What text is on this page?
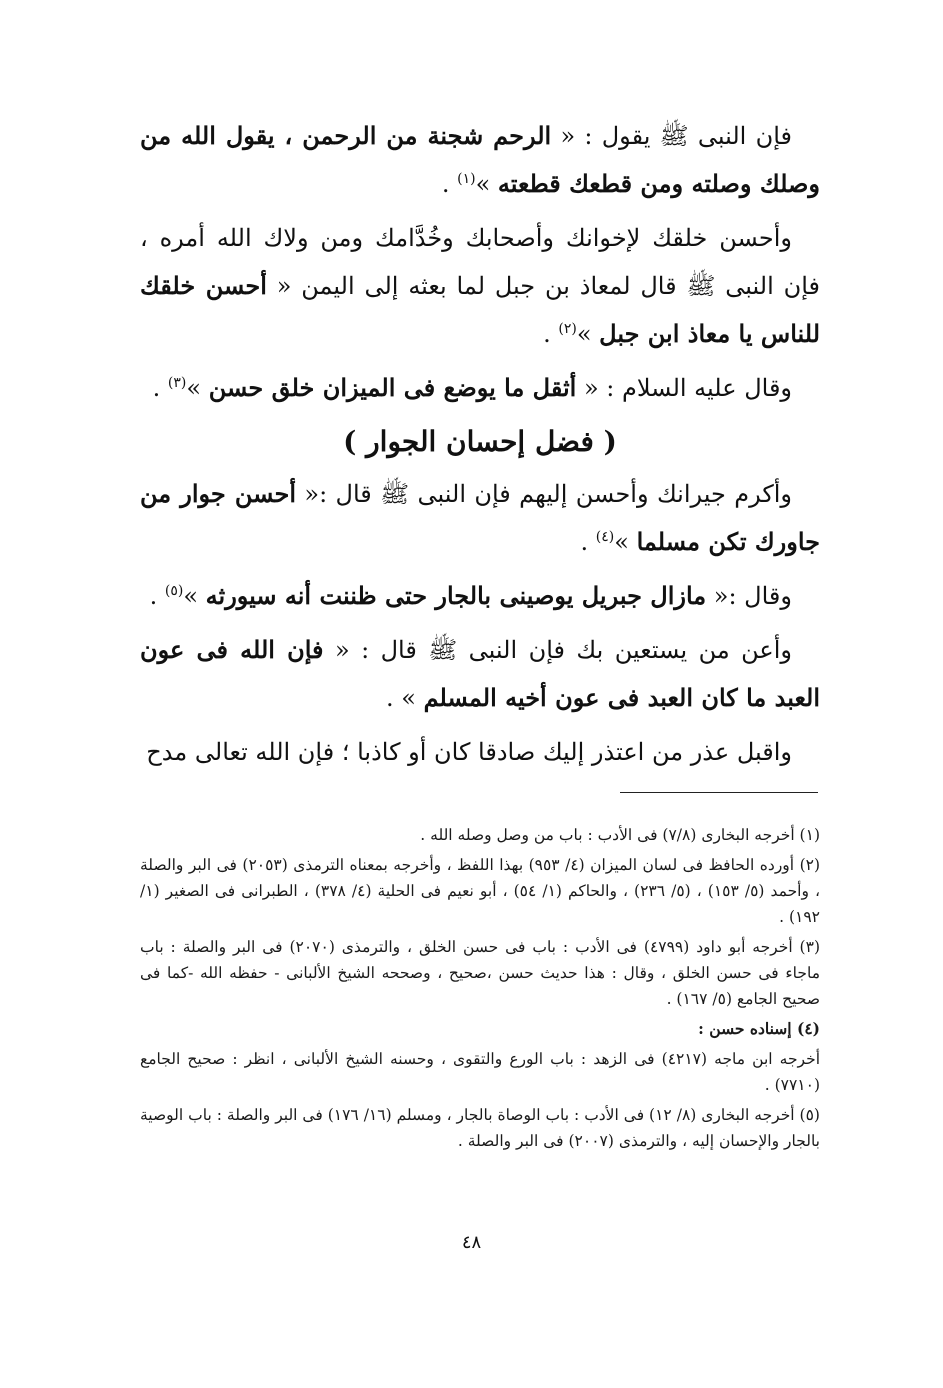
فإن النبى ﷺ يقول : « الرحم شجنة من الرحمن ، يقول الله من وصلك وصلته ومن قطعك قطعته »$^{(١)}$ .

وأحسن خلقك لإخوانك وأصحابك وخُدَّامك ومن ولاك الله أمره ، فإن النبى ﷺ قال لمعاذ بن جبل لما بعثه إلى اليمن « أحسن خلقك للناس يا معاذ ابن جبل »$^{(٢)}$ .

وقال عليه السلام : « أثقل ما يوضع فى الميزان خلق حسن »$^{(٣)}$ .

( فضل إحسان الجوار )

وأكرم جيرانك وأحسن إليهم فإن النبى ﷺ قال :« أحسن جوار من جاورك تكن مسلما »$^{(٤)}$ .

وقال :« مازال جبريل يوصينى بالجار حتى ظننت أنه سيورثه »$^{(٥)}$ .

وأعن من يستعين بك فإن النبى ﷺ قال : « فإن الله فى عون العبد ما كان العبد فى عون أخيه المسلم » .

واقبل عذر من اعتذر إليك صادقا كان أو كاذبا ؛ فإن الله تعالى مدح

(١) أخرجه البخارى (٧/٨) فى الأدب : باب من وصل وصله الله .

(٢) أورده الحافظ فى لسان الميزان (٤/ ٩٥٣) بهذا اللفظ ، وأخرجه بمعناه الترمذى (٢٠٥٣) فى البر والصلة ، وأحمد (٥/ ١٥٣) ، (٥/ ٢٣٦) ، والحاكم (١/ ٥٤) ، أبو نعيم فى الحلية (٤/ ٣٧٨) ، الطبرانى فى الصغير (١/ ١٩٢) .

(٣) أخرجه أبو داود (٤٧٩٩) فى الأدب : باب فى حسن الخلق ، والترمذى (٢٠٧٠) فى البر والصلة : باب ماجاء فى حسن الخلق ، وقال : هذا حديث حسن ،صحيح ، وصححه الشيخ الألبانى - حفظه الله -كما فى صحيح الجامع (٥/ ١٦٧) .

(٤) إسناده حسن :

أخرجه ابن ماجه (٤٢١٧) فى الزهد : باب الورع والتقوى ، وحسنه الشيخ الألبانى ، انظر : صحيح الجامع (٧٧١٠) .

(٥) أخرجه البخارى (٨/ ١٢) فى الأدب : باب الوصاة بالجار ، ومسلم (١٦/ ١٧٦) فى البر والصلة : باب الوصية بالجار والإحسان إليه ، والترمذى (٢٠٠٧) فى البر والصلة .

٤٨
